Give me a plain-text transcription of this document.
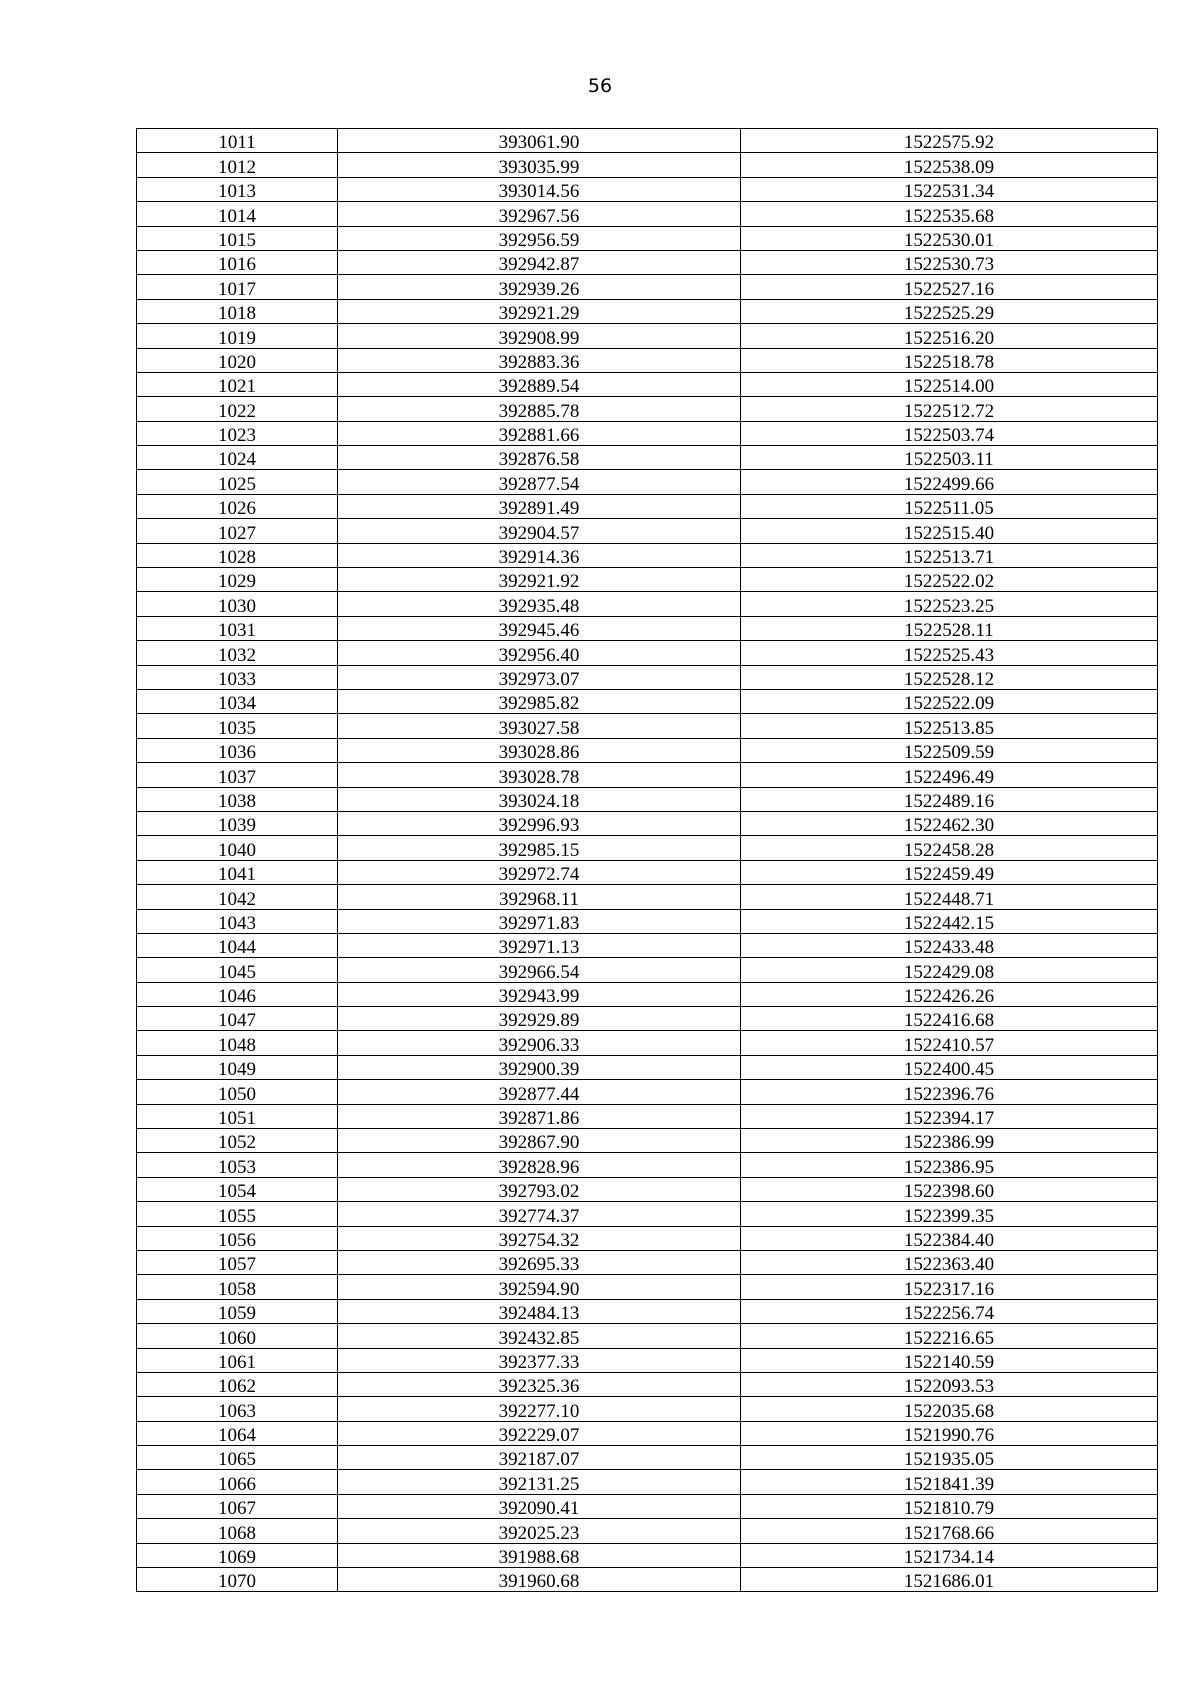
56

1011	393061.90	1522575.92
1012	393035.99	1522538.09
1013	393014.56	1522531.34
1014	392967.56	1522535.68
1015	392956.59	1522530.01
1016	392942.87	1522530.73
1017	392939.26	1522527.16
1018	392921.29	1522525.29
1019	392908.99	1522516.20
1020	392883.36	1522518.78
1021	392889.54	1522514.00
1022	392885.78	1522512.72
1023	392881.66	1522503.74
1024	392876.58	1522503.11
1025	392877.54	1522499.66
1026	392891.49	1522511.05
1027	392904.57	1522515.40
1028	392914.36	1522513.71
1029	392921.92	1522522.02
1030	392935.48	1522523.25
1031	392945.46	1522528.11
1032	392956.40	1522525.43
1033	392973.07	1522528.12
1034	392985.82	1522522.09
1035	393027.58	1522513.85
1036	393028.86	1522509.59
1037	393028.78	1522496.49
1038	393024.18	1522489.16
1039	392996.93	1522462.30
1040	392985.15	1522458.28
1041	392972.74	1522459.49
1042	392968.11	1522448.71
1043	392971.83	1522442.15
1044	392971.13	1522433.48
1045	392966.54	1522429.08
1046	392943.99	1522426.26
1047	392929.89	1522416.68
1048	392906.33	1522410.57
1049	392900.39	1522400.45
1050	392877.44	1522396.76
1051	392871.86	1522394.17
1052	392867.90	1522386.99
1053	392828.96	1522386.95
1054	392793.02	1522398.60
1055	392774.37	1522399.35
1056	392754.32	1522384.40
1057	392695.33	1522363.40
1058	392594.90	1522317.16
1059	392484.13	1522256.74
1060	392432.85	1522216.65
1061	392377.33	1522140.59
1062	392325.36	1522093.53
1063	392277.10	1522035.68
1064	392229.07	1521990.76
1065	392187.07	1521935.05
1066	392131.25	1521841.39
1067	392090.41	1521810.79
1068	392025.23	1521768.66
1069	391988.68	1521734.14
1070	391960.68	1521686.01
